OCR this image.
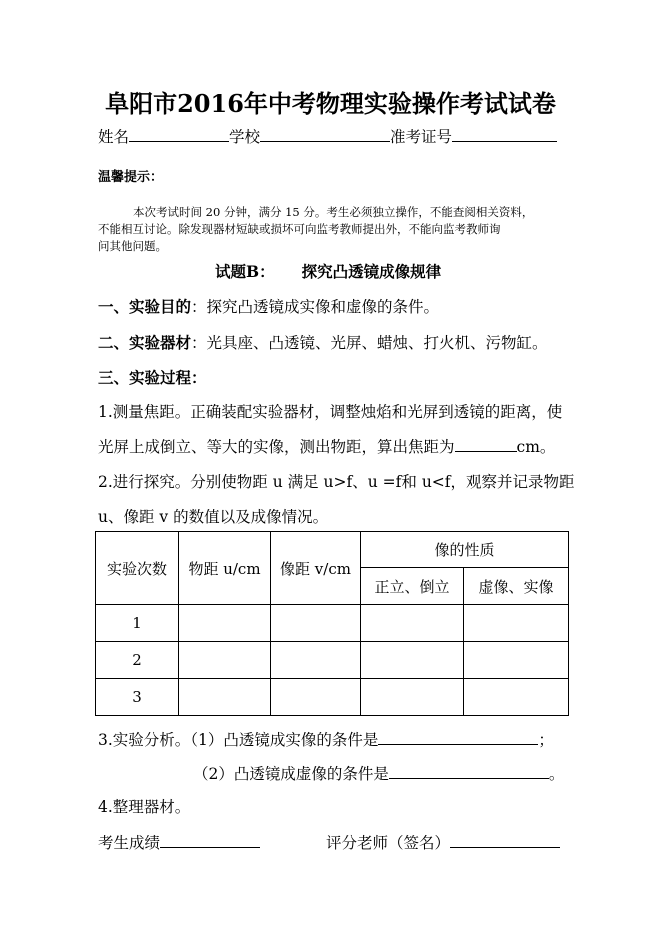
阜阳市2016年中考物理实验操作考试试卷
姓名	学校	准考证号
温馨提示：
本次考试时间 20 分钟，满分 15 分。考生必须独立操作，不能查阅相关资料，
不能相互讨论。除发现器材短缺或损坏可向监考教师提出外，不能向监考教师询
问其他问题。
试题B： 探究凸透镜成像规律
一、实验目的：探究凸透镜成实像和虚像的条件。
二、实验器材：光具座、凸透镜、光屏、蜡烛、打火机、污物缸。
三、实验过程：
1.测量焦距。正确装配实验器材，调整烛焰和光屏到透镜的距离，使
光屏上成倒立、等大的实像，测出物距，算出焦距为	cm。
2.进行探究。分别使物距 u 满足 u>f、u =f和 u<f，观察并记录物距
u、像距 v 的数值以及成像情况。
实验次数	物距 u/cm	像距 v/cm	像的性质	
			正立、倒立	虚像、实像
1				
2				
3				
3.实验分析。（1）凸透镜成实像的条件是	；
（2）凸透镜成虚像的条件是	。
4.整理器材。
考生成绩	评分老师（签名）
